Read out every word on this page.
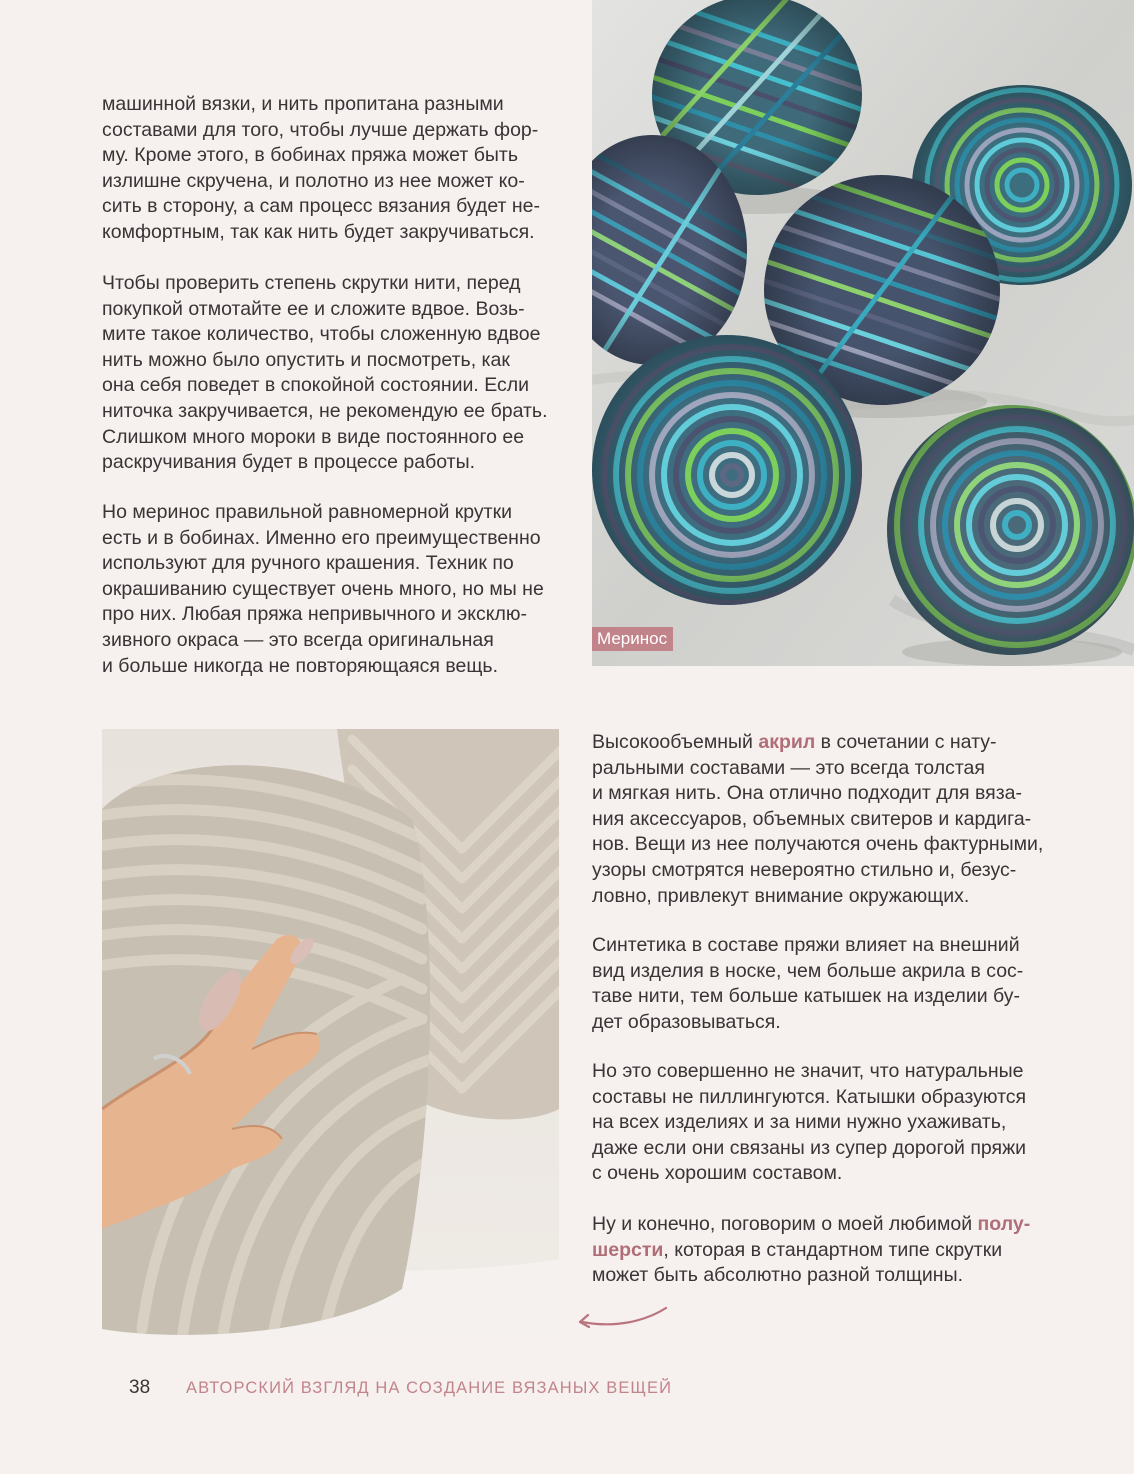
машинной вязки, и нить пропитана разными
составами для того, чтобы лучше держать фор-
му. Кроме этого, в бобинах пряжа может быть
излишне скручена, и полотно из нее может ко-
сить в сторону, а сам процесс вязания будет не-
комфортным, так как нить будет закручиваться.
Чтобы проверить степень скрутки нити, перед
покупкой отмотайте ее и сложите вдвое. Возь-
мите такое количество, чтобы сложенную вдвое
нить можно было опустить и посмотреть, как
она себя поведет в спокойной состоянии. Если
ниточка закручивается, не рекомендую ее брать.
Слишком много мороки в виде постоянного ее
раскручивания будет в процессе работы.
Но меринос правильной равномерной крутки
есть и в бобинах. Именно его преимущественно
используют для ручного крашения. Техник по
окрашиванию существует очень много, но мы не
про них. Любая пряжа непривычного и эксклю-
зивного окраса — это всегда оригинальная
и больше никогда не повторяющаяся вещь.
Меринос
Высокообъемный акрил в сочетании с нату-
ральными составами — это всегда толстая
и мягкая нить. Она отлично подходит для вяза-
ния аксессуаров, объемных свитеров и кардига-
нов. Вещи из нее получаются очень фактурными,
узоры смотрятся невероятно стильно и, безус-
ловно, привлекут внимание окружающих.
Синтетика в составе пряжи влияет на внешний
вид изделия в носке, чем больше акрила в сос-
таве нити, тем больше катышек на изделии бу-
дет образовываться.
Но это совершенно не значит, что натуральные
составы не пиллингуются. Катышки образуются
на всех изделиях и за ними нужно ухаживать,
даже если они связаны из супер дорогой пряжи
с очень хорошим составом.
Ну и конечно, поговорим о моей любимой полу-
шерсти, которая в стандартном типе скрутки
может быть абсолютно разной толщины.
38 АВТОРСКИЙ ВЗГЛЯД НА СОЗДАНИЕ ВЯЗАНЫХ ВЕЩЕЙ
